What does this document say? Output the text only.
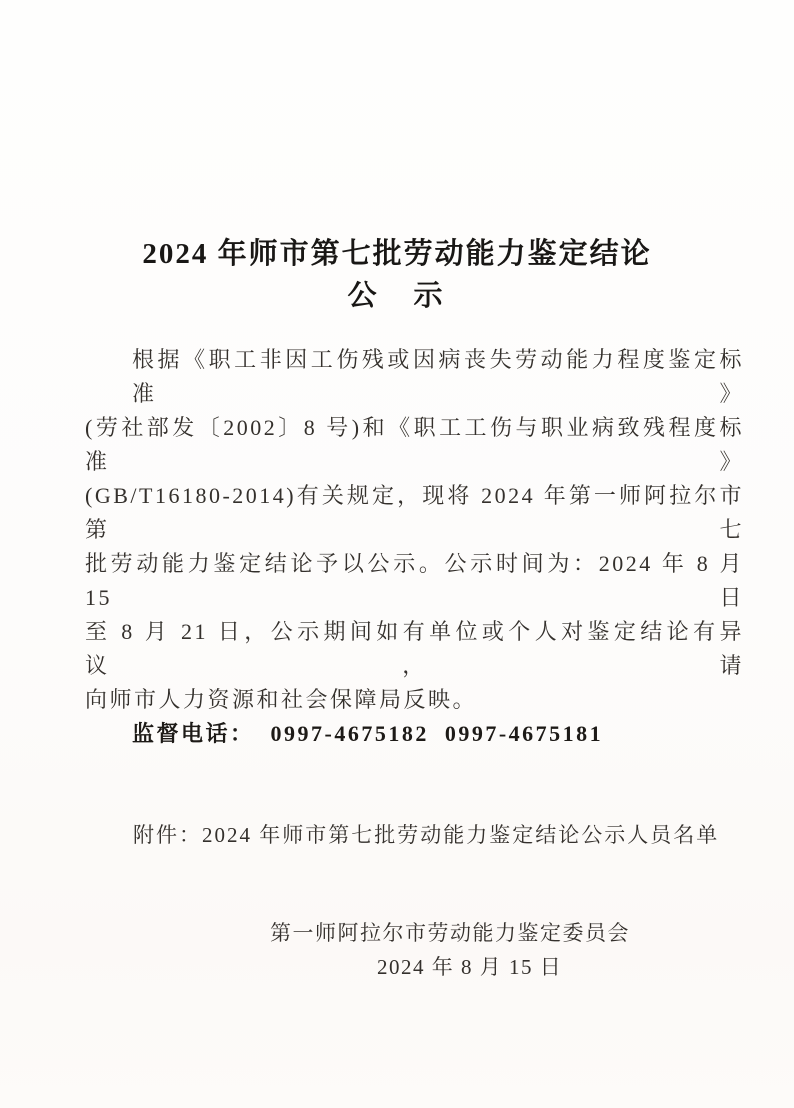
2024 年师市第七批劳动能力鉴定结论
公　示
根据《职工非因工伤残或因病丧失劳动能力程度鉴定标准》
(劳社部发〔2002〕8 号)和《职工工伤与职业病致残程度标准》
(GB/T16180-2014)有关规定，现将 2024 年第一师阿拉尔市第七
批劳动能力鉴定结论予以公示。公示时间为：2024 年 8 月 15 日
至 8 月 21 日，公示期间如有单位或个人对鉴定结论有异议，请
向师市人力资源和社会保障局反映。
监督电话：  0997-4675182  0997-4675181
附件：2024 年师市第七批劳动能力鉴定结论公示人员名单
第一师阿拉尔市劳动能力鉴定委员会
2024 年 8 月 15 日
